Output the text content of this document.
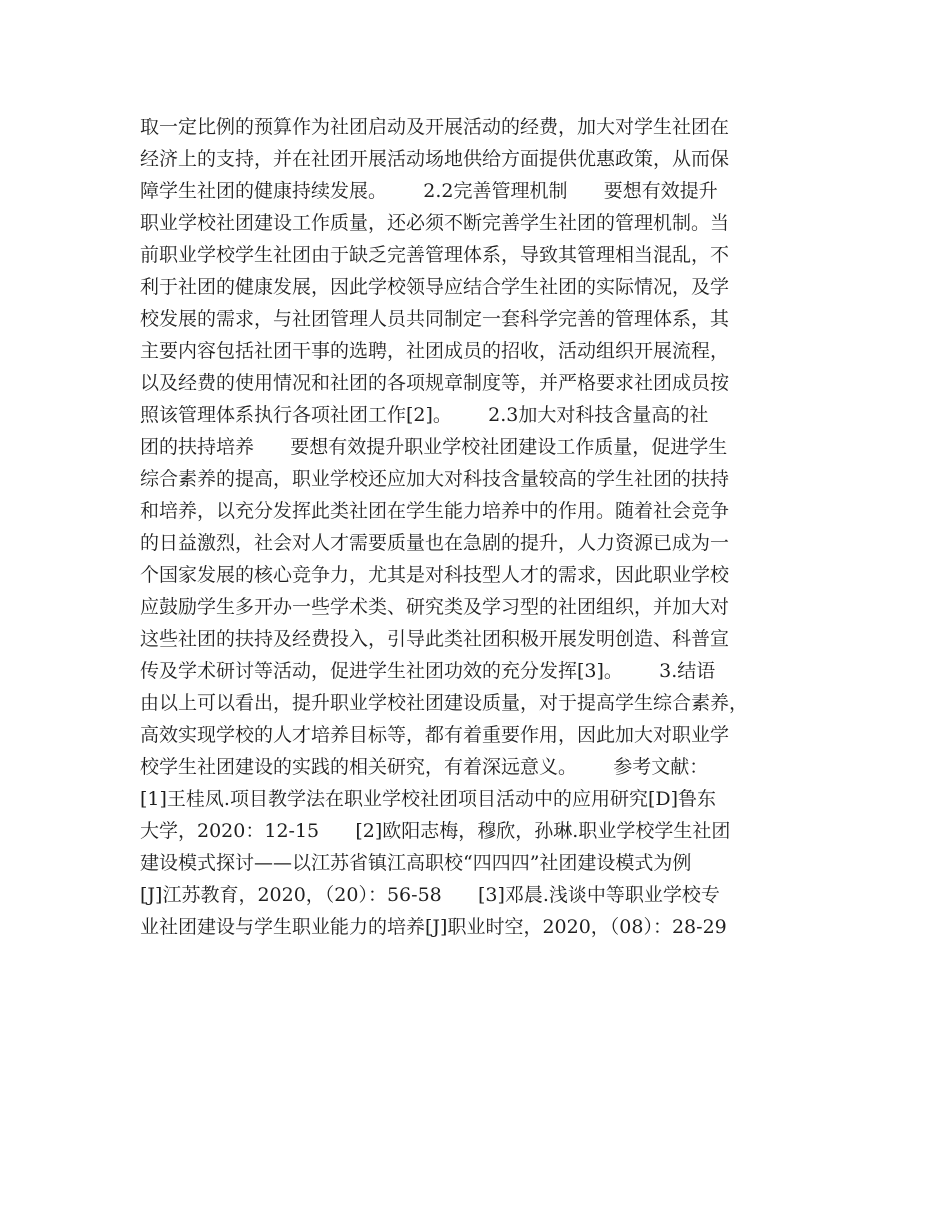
取一定比例的预算作为社团启动及开展活动的经费，加大对学生社团在
经济上的支持，并在社团开展活动场地供给方面提供优惠政策，从而保
障学生社团的健康持续发展。      2.2完善管理机制      要想有效提升
职业学校社团建设工作质量，还必须不断完善学生社团的管理机制。当
前职业学校学生社团由于缺乏完善管理体系，导致其管理相当混乱，不
利于社团的健康发展，因此学校领导应结合学生社团的实际情况，及学
校发展的需求，与社团管理人员共同制定一套科学完善的管理体系，其
主要内容包括社团干事的选聘，社团成员的招收，活动组织开展流程，
以及经费的使用情况和社团的各项规章制度等，并严格要求社团成员按
照该管理体系执行各项社团工作[2]。      2.3加大对科技含量高的社
团的扶持培养      要想有效提升职业学校社团建设工作质量，促进学生
综合素养的提高，职业学校还应加大对科技含量较高的学生社团的扶持
和培养，以充分发挥此类社团在学生能力培养中的作用。随着社会竞争
的日益激烈，社会对人才需要质量也在急剧的提升，人力资源已成为一
个国家发展的核心竞争力，尤其是对科技型人才的需求，因此职业学校
应鼓励学生多开办一些学术类、研究类及学习型的社团组织，并加大对
这些社团的扶持及经费投入，引导此类社团积极开展发明创造、科普宣
传及学术研讨等活动，促进学生社团功效的充分发挥[3]。      3.结语
由以上可以看出，提升职业学校社团建设质量，对于提高学生综合素养，
高效实现学校的人才培养目标等，都有着重要作用，因此加大对职业学
校学生社团建设的实践的相关研究，有着深远意义。      参考文献：
[1]王桂凤.项目教学法在职业学校社团项目活动中的应用研究[D]鲁东
大学，2020：12-15      [2]欧阳志梅，穆欣，孙琳.职业学校学生社团
建设模式探讨——以江苏省镇江高职校“四四四”社团建设模式为例
[J]江苏教育，2020，（20）：56-58      [3]邓晨.浅谈中等职业学校专
业社团建设与学生职业能力的培养[J]职业时空，2020，（08）：28-29
